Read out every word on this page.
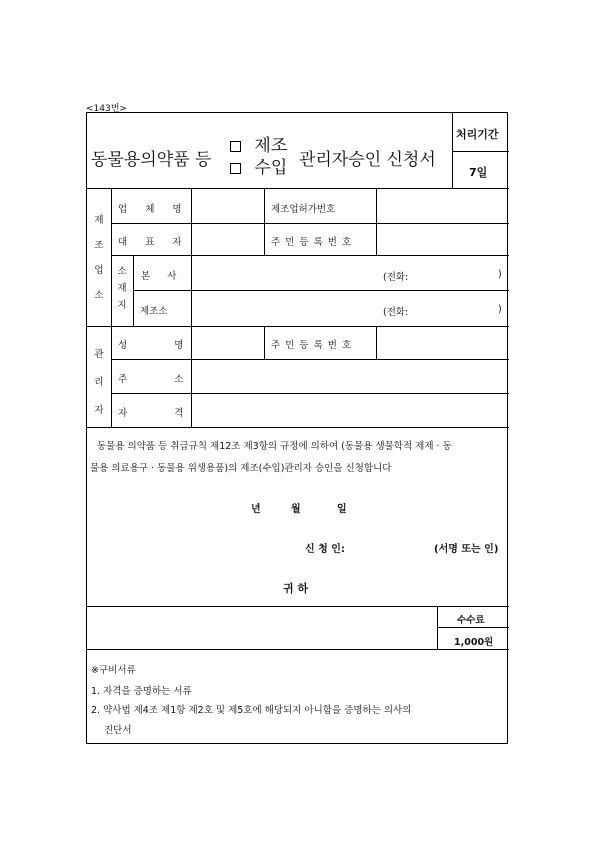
<143번>
동물용의약품 등
제조
수입 관리자승인 신청서
처리기간
7일
제조업소
업 체 명	제조업허가번호
대 표 자	주 민 등 록 번 호
소재지
본 사	(전화:	)
제조소	(전화:	)
관리자
성 명	주 민 등 록 번 호
주 소
자 격
동물용 의약품 등 취급규칙 제12조 제3항의 규정에 의하여 (동물용 생물학적 제제 · 동
물용 의료용구 · 동물용 위생용품)의 제조(수입)관리자 승인을 신청합니다
년	월	일
신 청 인:	(서명 또는 인)
귀 하
수수료
1,000원
※구비서류
1. 자격을 증명하는 서류
2. 약사법 제4조 제1항 제2호 및 제5호에 해당되지 아니함을 증명하는 의사의
진단서
